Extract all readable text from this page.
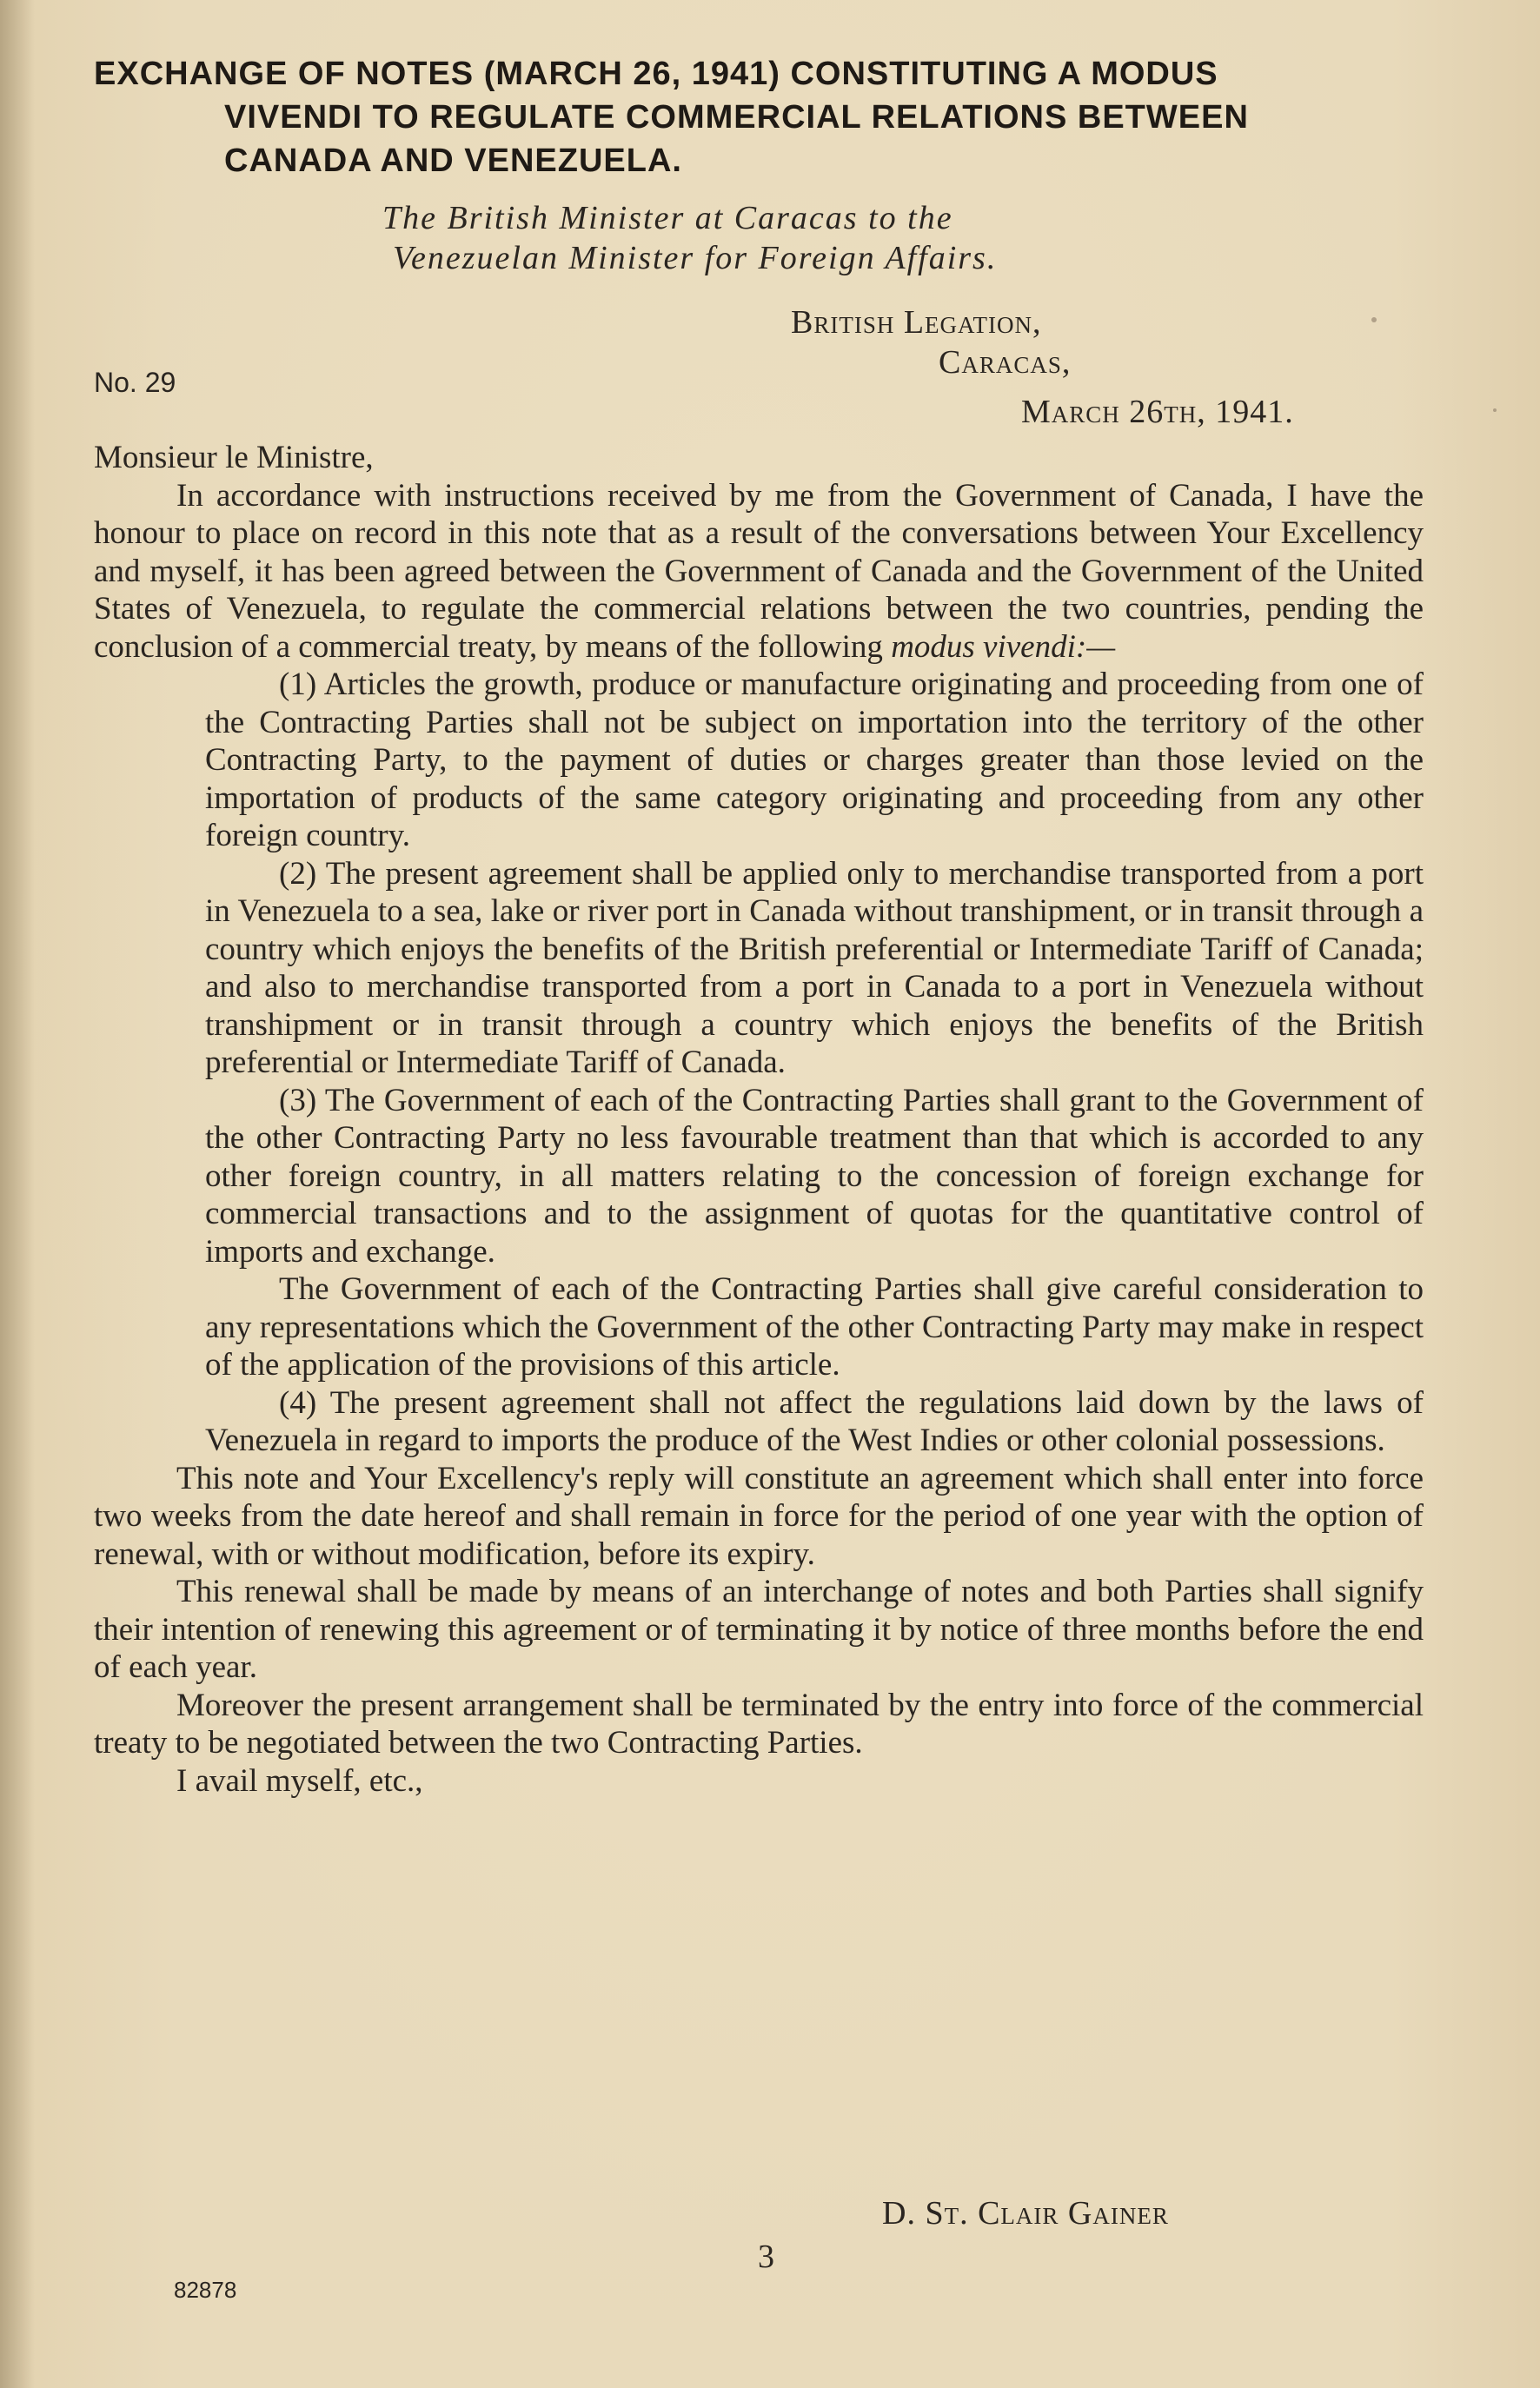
EXCHANGE OF NOTES (MARCH 26, 1941) CONSTITUTING A MODUS
VIVENDI TO REGULATE COMMERCIAL RELATIONS BETWEEN
CANADA AND VENEZUELA.
The British Minister at Caracas to the
Venezuelan Minister for Foreign Affairs.
British Legation,
Caracas,
No. 29
March 26th, 1941.

Monsieur le Ministre,

In accordance with instructions received by me from the Government of Canada, I have the honour to place on record in this note that as a result of the conversations between Your Excellency and myself, it has been agreed between the Government of Canada and the Government of the United States of Venezuela, to regulate the commercial relations between the two countries, pending the conclusion of a commercial treaty, by means of the following modus vivendi:—

(1) Articles the growth, produce or manufacture originating and proceeding from one of the Contracting Parties shall not be subject on importation into the territory of the other Contracting Party, to the payment of duties or charges greater than those levied on the importation of products of the same category originating and proceeding from any other foreign country.

(2) The present agreement shall be applied only to merchandise transported from a port in Venezuela to a sea, lake or river port in Canada without transhipment, or in transit through a country which enjoys the benefits of the British preferential or Intermediate Tariff of Canada; and also to merchandise transported from a port in Canada to a port in Venezuela without transhipment or in transit through a country which enjoys the benefits of the British preferential or Intermediate Tariff of Canada.

(3) The Government of each of the Contracting Parties shall grant to the Government of the other Contracting Party no less favourable treatment than that which is accorded to any other foreign country, in all matters relating to the concession of foreign exchange for commercial transactions and to the assignment of quotas for the quantitative control of imports and exchange.

The Government of each of the Contracting Parties shall give careful consideration to any representations which the Government of the other Contracting Party may make in respect of the application of the provisions of this article.

(4) The present agreement shall not affect the regulations laid down by the laws of Venezuela in regard to imports the produce of the West Indies or other colonial possessions.

This note and Your Excellency's reply will constitute an agreement which shall enter into force two weeks from the date hereof and shall remain in force for the period of one year with the option of renewal, with or without modification, before its expiry.

This renewal shall be made by means of an interchange of notes and both Parties shall signify their intention of renewing this agreement or of terminating it by notice of three months before the end of each year.

Moreover the present arrangement shall be terminated by the entry into force of the commercial treaty to be negotiated between the two Contracting Parties.

I avail myself, etc.,

D. St. Clair Gainer
3
82878
